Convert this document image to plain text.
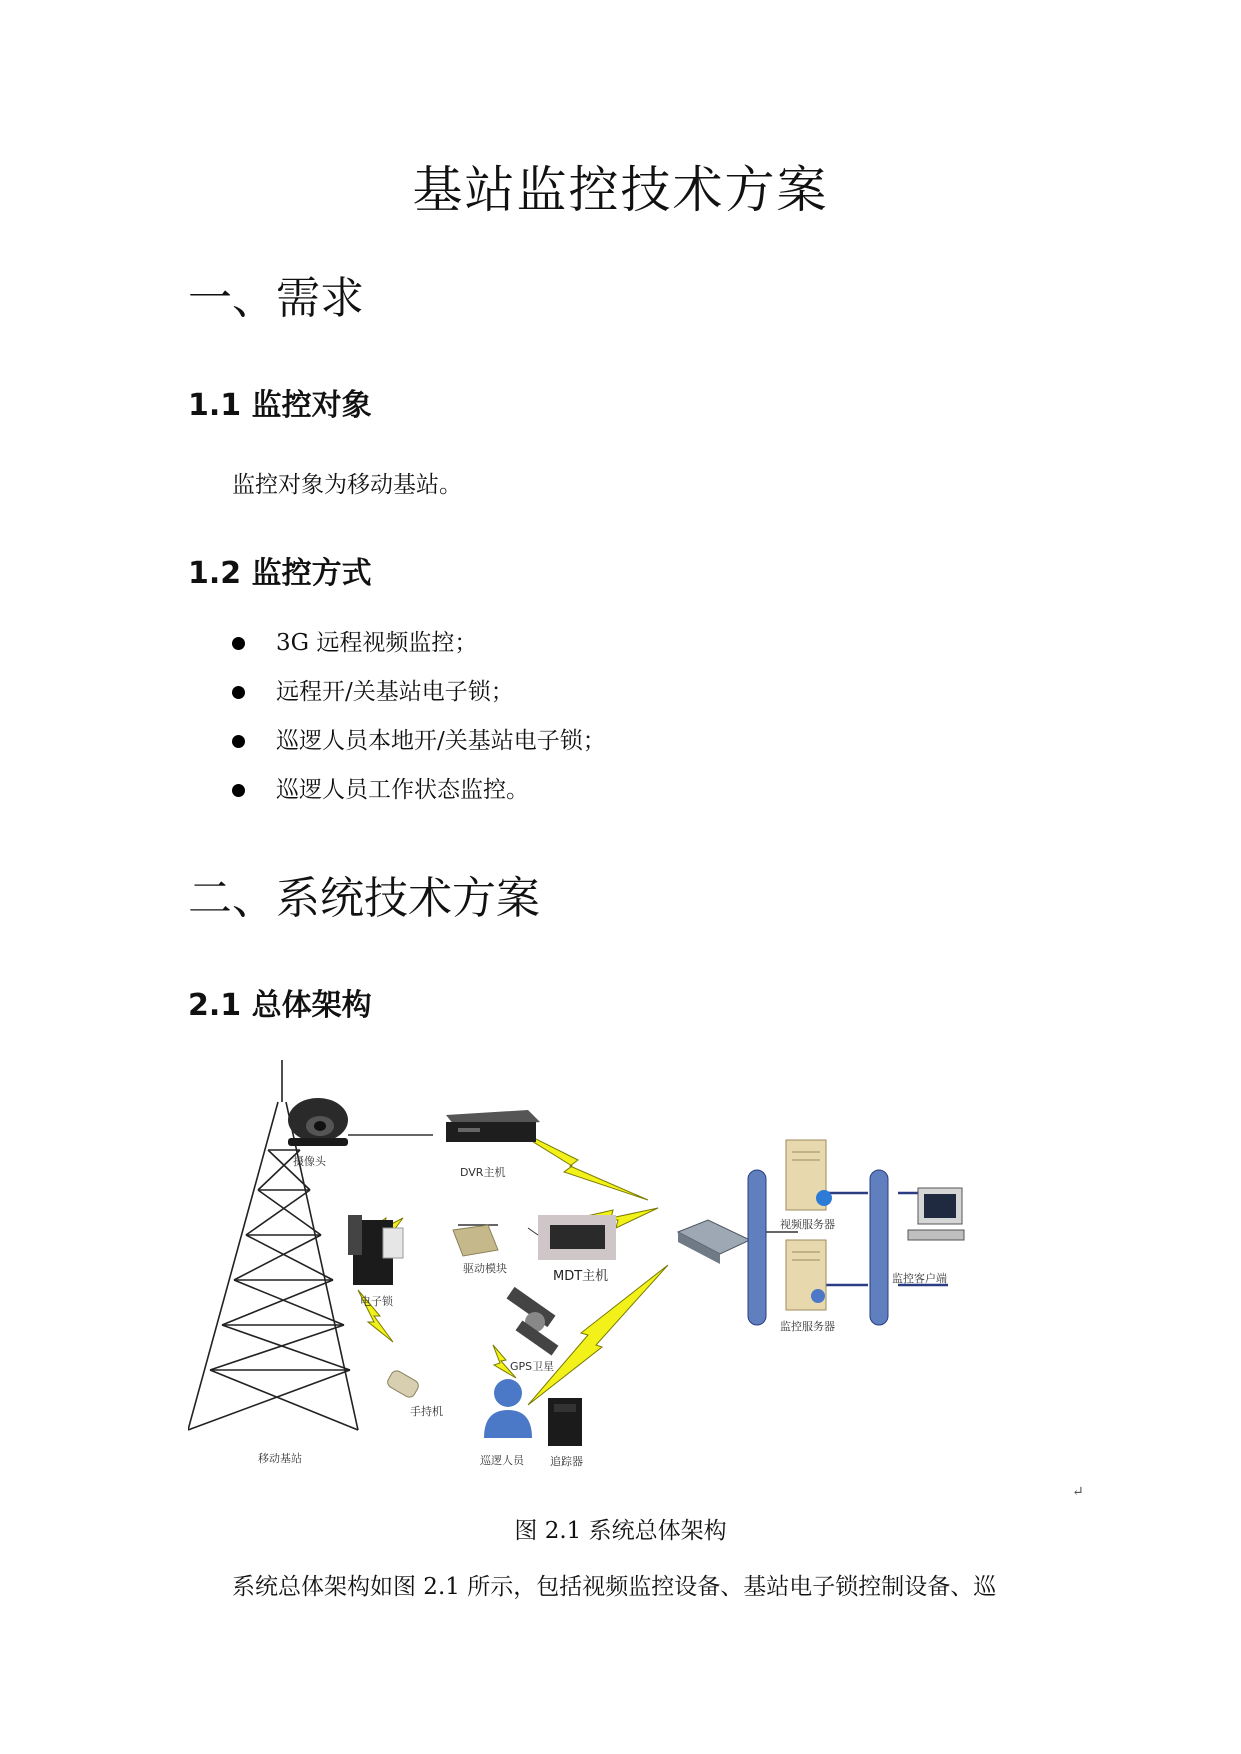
基站监控技术方案
一、需求
1.1 监控对象

监控对象为移动基站。

1.2 监控方式
3G 远程视频监控；
远程开/关基站电子锁；
巡逻人员本地开/关基站电子锁；
巡逻人员工作状态监控。
二、系统技术方案
2.1 总体架构
移动基站
摄像头
DVR主机
电子锁
驱动模块
MDT主机
GPS卫星
手持机
巡逻人员 追踪器
视频服务器
监控服务器
监控客户端
↵

图 2.1 系统总体架构

系统总体架构如图 2.1 所示，包括视频监控设备、基站电子锁控制设备、巡
